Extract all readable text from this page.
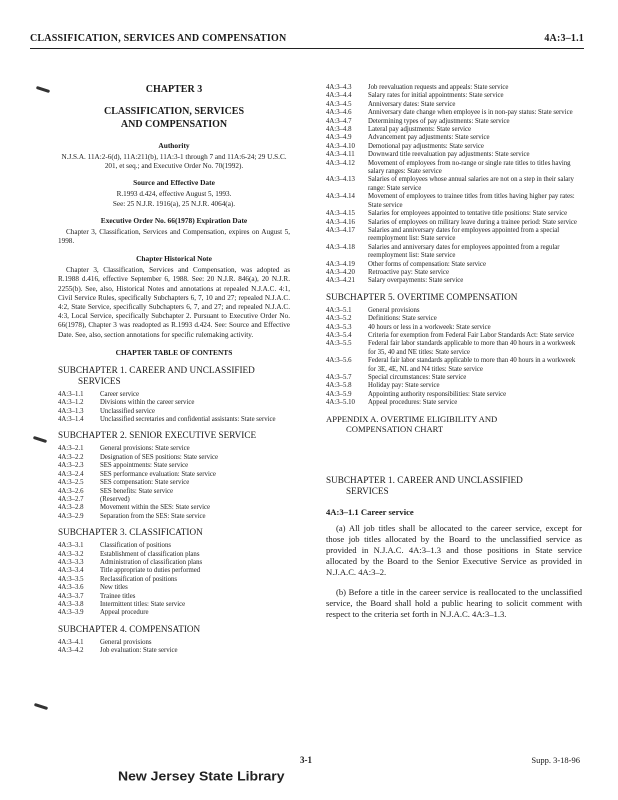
CLASSIFICATION, SERVICES AND COMPENSATION	4A:3–1.1
CHAPTER 3
CLASSIFICATION, SERVICES
AND COMPENSATION
Authority
N.J.S.A. 11A:2-6(d), 11A:211(b), 11A:3-1 through 7 and 11A:6-24; 29 U.S.C. 201, et seq.; and Executive Order No. 70(1992).
Source and Effective Date
R.1993 d.424, effective August 5, 1993.
See: 25 N.J.R. 1916(a), 25 N.J.R. 4064(a).
Executive Order No. 66(1978) Expiration Date
Chapter 3, Classification, Services and Compensation, expires on August 5, 1998.
Chapter Historical Note
Chapter 3, Classification, Services and Compensation, was adopted as R.1988 d.416, effective September 6, 1988. See: 20 N.J.R. 846(a), 20 N.J.R. 2255(b). See, also, Historical Notes and annotations at repealed N.J.A.C. 4:1, Civil Service Rules, specifically Subchapters 6, 7, 10 and 27; repealed N.J.A.C. 4:2, State Service, specifically Subchapters 6, 7, and 27; and repealed N.J.A.C. 4:3, Local Service, specifically Subchapter 2. Pursuant to Executive Order No. 66(1978), Chapter 3 was readopted as R.1993 d.424. See: Source and Effective Date. See, also, section annotations for specific rulemaking activity.
CHAPTER TABLE OF CONTENTS
SUBCHAPTER 1. CAREER AND UNCLASSIFIED
SERVICES
4A:3–1.1	Career service
4A:3–1.2	Divisions within the career service
4A:3–1.3	Unclassified service
4A:3–1.4	Unclassified secretaries and confidential assistants: State service
SUBCHAPTER 2. SENIOR EXECUTIVE SERVICE
4A:3–2.1	General provisions: State service
4A:3–2.2	Designation of SES positions: State service
4A:3–2.3	SES appointments: State service
4A:3–2.4	SES performance evaluation: State service
4A:3–2.5	SES compensation: State service
4A:3–2.6	SES benefits: State service
4A:3–2.7	(Reserved)
4A:3–2.8	Movement within the SES: State service
4A:3–2.9	Separation from the SES: State service
SUBCHAPTER 3. CLASSIFICATION
4A:3–3.1	Classification of positions
4A:3–3.2	Establishment of classification plans
4A:3–3.3	Administration of classification plans
4A:3–3.4	Title appropriate to duties performed
4A:3–3.5	Reclassification of positions
4A:3–3.6	New titles
4A:3–3.7	Trainee titles
4A:3–3.8	Intermittent titles: State service
4A:3–3.9	Appeal procedure
SUBCHAPTER 4. COMPENSATION
4A:3–4.1	General provisions
4A:3–4.2	Job evaluation: State service
4A:3–4.3	Job reevaluation requests and appeals: State service
4A:3–4.4	Salary rates for initial appointments: State service
4A:3–4.5	Anniversary dates: State service
4A:3–4.6	Anniversary date change when employee is in non-pay status: State service
4A:3–4.7	Determining types of pay adjustments: State service
4A:3–4.8	Lateral pay adjustments: State service
4A:3–4.9	Advancement pay adjustments: State service
4A:3–4.10	Demotional pay adjustments: State service
4A:3–4.11	Downward title reevaluation pay adjustments: State service
4A:3–4.12	Movement of employees from no-range or single rate titles to titles having salary ranges: State service
4A:3–4.13	Salaries of employees whose annual salaries are not on a step in their salary range: State service
4A:3–4.14	Movement of employees to trainee titles from titles having higher pay rates: State service
4A:3–4.15	Salaries for employees appointed to tentative title positions: State service
4A:3–4.16	Salaries of employees on military leave during a trainee period: State service
4A:3–4.17	Salaries and anniversary dates for employees appointed from a special reemployment list: State service
4A:3–4.18	Salaries and anniversary dates for employees appointed from a regular reemployment list: State service
4A:3–4.19	Other forms of compensation: State service
4A:3–4.20	Retroactive pay: State service
4A:3–4.21	Salary overpayments: State service
SUBCHAPTER 5. OVERTIME COMPENSATION
4A:3–5.1	General provisions
4A:3–5.2	Definitions: State service
4A:3–5.3	40 hours or less in a workweek: State service
4A:3–5.4	Criteria for exemption from Federal Fair Labor Standards Act: State service
4A:3–5.5	Federal fair labor standards applicable to more than 40 hours in a workweek for 35, 40 and NE titles: State service
4A:3–5.6	Federal fair labor standards applicable to more than 40 hours in a workweek for 3E, 4E, NL and N4 titles: State service
4A:3–5.7	Special circumstances: State service
4A:3–5.8	Holiday pay: State service
4A:3–5.9	Appointing authority responsibilities: State service
4A:3–5.10	Appeal procedures: State service
APPENDIX A. OVERTIME ELIGIBILITY AND
COMPENSATION CHART
SUBCHAPTER 1. CAREER AND UNCLASSIFIED
SERVICES
4A:3–1.1 Career service
(a) All job titles shall be allocated to the career service, except for those job titles allocated by the Board to the unclassified service as provided in N.J.A.C. 4A:3–1.3 and those positions in State service allocated by the Board to the Senior Executive Service as provided in N.J.A.C. 4A:3–2.
(b) Before a title in the career service is reallocated to the unclassified service, the Board shall hold a public hearing to solicit comment with respect to the criteria set forth in N.J.A.C. 4A:3–1.3.
3-1	Supp. 3-18-96
New Jersey State Library
